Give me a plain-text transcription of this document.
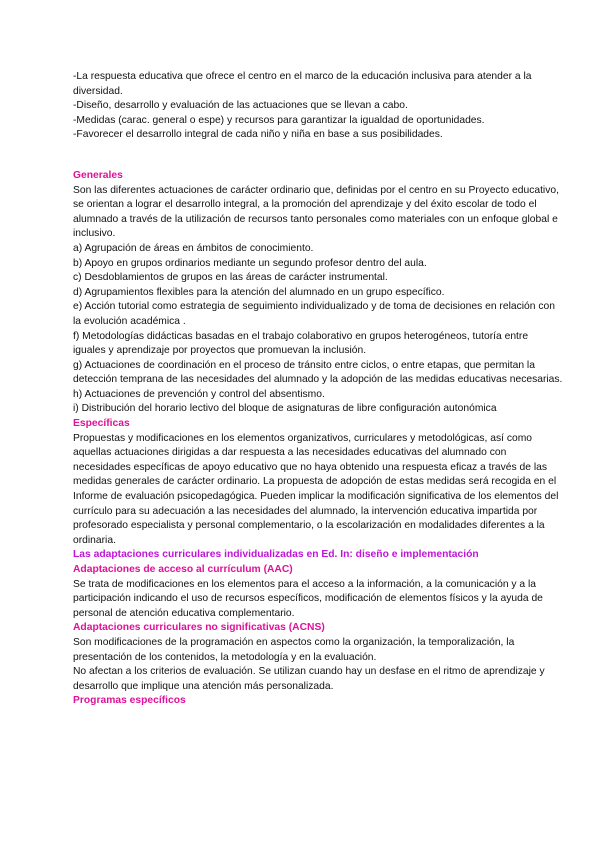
-La respuesta educativa que ofrece el centro en el marco de la educación inclusiva para atender a la diversidad.

-Diseño, desarrollo y evaluación de las actuaciones que se llevan a cabo.

-Medidas (carac. general o espe) y recursos para garantizar la igualdad de oportunidades.

-Favorecer el desarrollo integral de cada niño y niña en base a sus posibilidades.

Generales

Son las diferentes actuaciones de carácter ordinario que, definidas por el centro en su Proyecto educativo, se orientan a lograr el desarrollo integral, a la promoción del aprendizaje y del éxito escolar de todo el alumnado a través de la utilización de recursos tanto personales como materiales con un enfoque global e inclusivo.

a) Agrupación de áreas en ámbitos de conocimiento.

b) Apoyo en grupos ordinarios mediante un segundo profesor dentro del aula.

c) Desdoblamientos de grupos en las áreas de carácter instrumental.

d) Agrupamientos flexibles para la atención del alumnado en un grupo específico.

e) Acción tutorial como estrategia de seguimiento individualizado y de toma de decisiones en relación con la evolución académica .

f) Metodologías didácticas basadas en el trabajo colaborativo en grupos heterogéneos, tutoría entre iguales y aprendizaje por proyectos que promuevan la inclusión.

g) Actuaciones de coordinación en el proceso de tránsito entre ciclos, o entre etapas, que permitan la detección temprana de las necesidades del alumnado y la adopción de las medidas educativas necesarias.

h) Actuaciones de prevención y control del absentismo.

i) Distribución del horario lectivo del bloque de asignaturas de libre configuración autonómica

Específicas

Propuestas y modificaciones en los elementos organizativos, curriculares y metodológicas, así como aquellas actuaciones dirigidas a dar respuesta a las necesidades educativas del alumnado con necesidades específicas de apoyo educativo que no haya obtenido una respuesta eficaz a través de las medidas generales de carácter ordinario. La propuesta de adopción de estas medidas será recogida en el Informe de evaluación psicopedagógica. Pueden implicar la modificación significativa de los elementos del currículo para su adecuación a las necesidades del alumnado, la intervención educativa impartida por profesorado especialista y personal complementario, o la escolarización en modalidades diferentes a la ordinaria.

Las adaptaciones curriculares individualizadas en Ed. In: diseño e implementación

Adaptaciones de acceso al currículum (AAC)

Se trata de modificaciones en los elementos para el acceso a la información, a la comunicación y a la participación indicando el uso de recursos específicos, modificación de elementos físicos y la ayuda de personal de atención educativa complementario.

Adaptaciones curriculares no significativas (ACNS)

Son modificaciones de la programación en aspectos como la organización, la temporalización, la presentación de los contenidos, la metodología y en la evaluación.

No afectan a los criterios de evaluación. Se utilizan cuando hay un desfase en el ritmo de aprendizaje y desarrollo que implique una atención más personalizada.

Programas específicos
